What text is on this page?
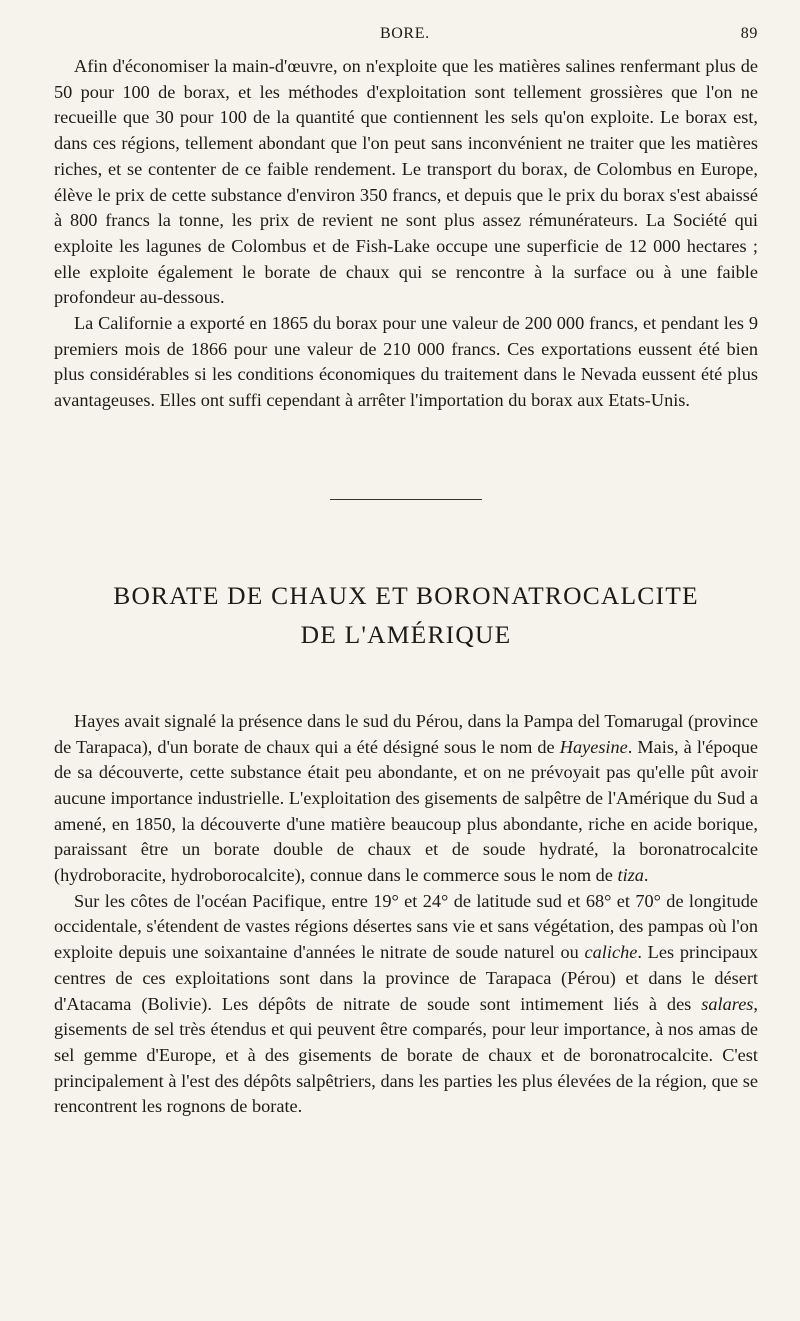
BORE.	89

Afin d'économiser la main-d'œuvre, on n'exploite que les matières salines renfermant plus de 50 pour 100 de borax, et les méthodes d'exploitation sont tellement grossières que l'on ne recueille que 30 pour 100 de la quantité que contiennent les sels qu'on exploite. Le borax est, dans ces régions, tellement abondant que l'on peut sans inconvénient ne traiter que les matières riches, et se contenter de ce faible rendement. Le transport du borax, de Colombus en Europe, élève le prix de cette substance d'environ 350 francs, et depuis que le prix du borax s'est abaissé à 800 francs la tonne, les prix de revient ne sont plus assez rémunérateurs. La Société qui exploite les lagunes de Colombus et de Fish-Lake occupe une superficie de 12 000 hectares ; elle exploite également le borate de chaux qui se rencontre à la surface ou à une faible profondeur au-dessous.

La Californie a exporté en 1865 du borax pour une valeur de 200 000 francs, et pendant les 9 premiers mois de 1866 pour une valeur de 210 000 francs. Ces exportations eussent été bien plus considérables si les conditions économiques du traitement dans le Nevada eussent été plus avantageuses. Elles ont suffi cependant à arrêter l'importation du borax aux Etats-Unis.

BORATE DE CHAUX ET BORONATROCALCITE
DE L'AMÉRIQUE

Hayes avait signalé la présence dans le sud du Pérou, dans la Pampa del Tomarugal (province de Tarapaca), d'un borate de chaux qui a été désigné sous le nom de Hayesine. Mais, à l'époque de sa découverte, cette substance était peu abondante, et on ne prévoyait pas qu'elle pût avoir aucune importance industrielle. L'exploitation des gisements de salpêtre de l'Amérique du Sud a amené, en 1850, la découverte d'une matière beaucoup plus abondante, riche en acide borique, paraissant être un borate double de chaux et de soude hydraté, la boronatrocalcite (hydroboracite, hydroborocalcite), connue dans le commerce sous le nom de tiza.

Sur les côtes de l'océan Pacifique, entre 19° et 24° de latitude sud et 68° et 70° de longitude occidentale, s'étendent de vastes régions désertes sans vie et sans végétation, des pampas où l'on exploite depuis une soixantaine d'années le nitrate de soude naturel ou caliche. Les principaux centres de ces exploitations sont dans la province de Tarapaca (Pérou) et dans le désert d'Atacama (Bolivie). Les dépôts de nitrate de soude sont intimement liés à des salares, gisements de sel très étendus et qui peuvent être comparés, pour leur importance, à nos amas de sel gemme d'Europe, et à des gisements de borate de chaux et de boronatrocalcite. C'est principalement à l'est des dépôts salpêtriers, dans les parties les plus élevées de la région, que se rencontrent les rognons de borate.
